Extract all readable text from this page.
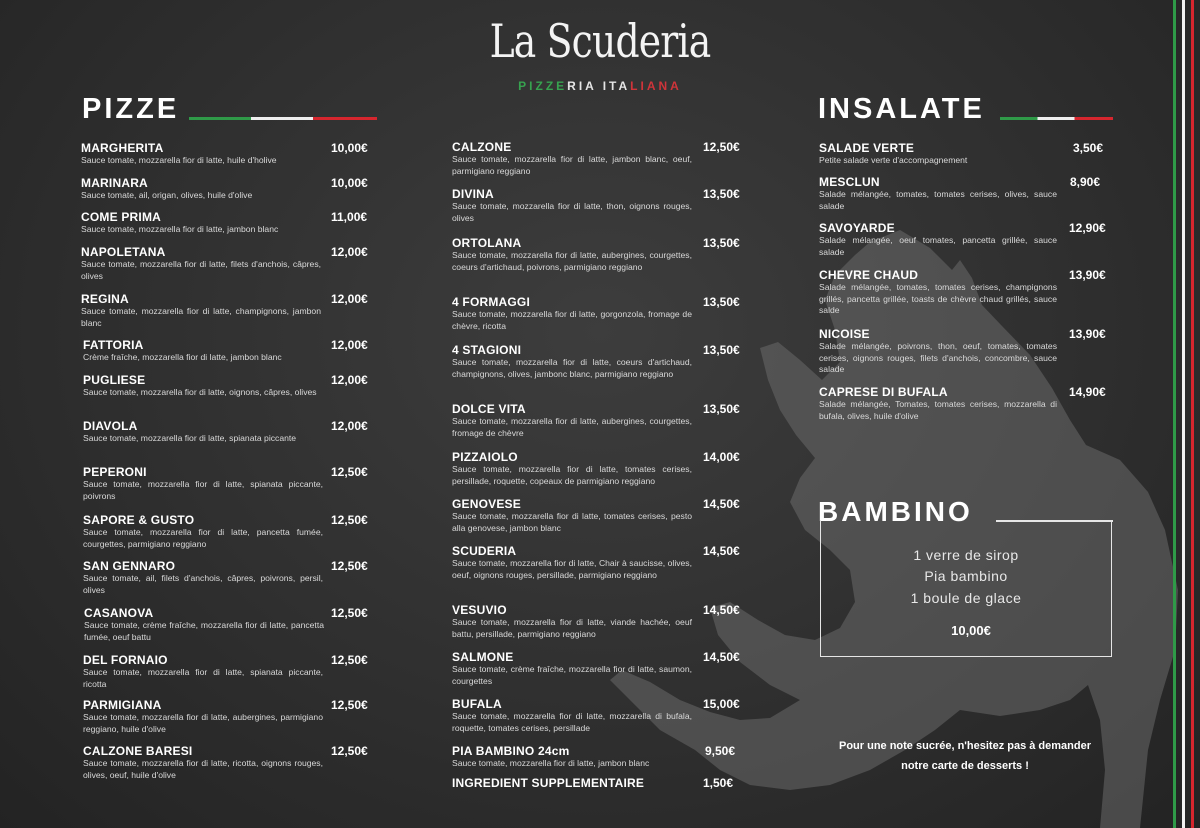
La Scuderia
PIZZERIA ITALIANA
PIZZE	INSALATE
MARGHERITA
Sauce tomate, mozzarella fior di latte, huile d'holive
10,00€
MARINARA
Sauce tomate, ail, origan, olives, huile d'olive
10,00€
COME PRIMA
Sauce tomate, mozzarella fior di latte, jambon blanc
11,00€
NAPOLETANA
Sauce tomate, mozzarella fior di latte, filets d'anchois, câpres, olives
12,00€
REGINA
Sauce tomate, mozzarella fior di latte, champignons, jambon blanc
12,00€
FATTORIA
Crème fraîche, mozzarella fior di latte, jambon blanc
12,00€
PUGLIESE
Sauce tomate, mozzarella fior di latte, oignons, câpres, olives
12,00€
DIAVOLA
Sauce tomate, mozzarella fior di latte, spianata piccante
12,00€
PEPERONI
Sauce tomate, mozzarella fior di latte, spianata piccante, poivrons
12,50€
SAPORE & GUSTO
Sauce tomate, mozzarella fior di latte, pancetta fumée, courgettes, parmigiano reggiano
12,50€
SAN GENNARO
Sauce tomate, ail, filets d'anchois, câpres, poivrons, persil, olives
12,50€
CASANOVA
Sauce tomate, crème fraîche, mozzarella fior di latte, pancetta fumée, oeuf battu
12,50€
DEL FORNAIO
Sauce tomate, mozzarella fior di latte, spianata piccante, ricotta
12,50€
PARMIGIANA
Sauce tomate, mozzarella fior di latte, aubergines, parmigiano reggiano, huile d'olive
12,50€
CALZONE BARESI
Sauce tomate, mozzarella fior di latte, ricotta, oignons rouges, olives, oeuf, huile d'olive
12,50€
CALZONE
Sauce tomate, mozzarella fior di latte, jambon blanc, oeuf, parmigiano reggiano
12,50€
DIVINA
Sauce tomate, mozzarella fior di latte, thon, oignons rouges, olives
13,50€
ORTOLANA
Sauce tomate, mozzarella fior di latte, aubergines, courgettes, coeurs d'artichaud, poivrons, parmigiano reggiano
13,50€
4 FORMAGGI
Sauce tomate, mozzarella fior di latte, gorgonzola, fromage de chèvre, ricotta
13,50€
4 STAGIONI
Sauce tomate, mozzarella fior di latte, coeurs d'artichaud, champignons, olives, jambonc blanc, parmigiano reggiano
13,50€
DOLCE VITA
Sauce tomate, mozzarella fior di latte, aubergines, courgettes, fromage de chèvre
13,50€
PIZZAIOLO
Sauce tomate, mozzarella fior di latte, tomates cerises, persillade, roquette, copeaux de parmigiano reggiano
14,00€
GENOVESE
Sauce tomate, mozzarella fior di latte, tomates cerises, pesto alla genovese, jambon blanc
14,50€
SCUDERIA
Sauce tomate, mozzarella fior di latte, Chair à saucisse, olives, oeuf, oignons rouges, persillade, parmigiano reggiano
14,50€
VESUVIO
Sauce tomate, mozzarella fior di latte, viande hachée, oeuf battu, persillade, parmigiano reggiano
14,50€
SALMONE
Sauce tomate, crème fraîche, mozzarella fior di latte, saumon, courgettes
14,50€
BUFALA
Sauce tomate, mozzarella fior di latte, mozzarella di bufala, roquette, tomates cerises, persillade
15,00€
PIA BAMBINO 24cm
Sauce tomate, mozzarella fior di latte, jambon blanc
9,50€
INGREDIENT SUPPLEMENTAIRE	1,50€
SALADE VERTE
Petite salade verte d'accompagnement
3,50€
MESCLUN
Salade mélangée, tomates, tomates cerises, olives, sauce salade
8,90€
SAVOYARDE
Salade mélangée, oeuf tomates, pancetta grillée, sauce salade
12,90€
CHEVRE CHAUD
Salade mélangée, tomates, tomates cerises, champignons grillés, pancetta grillée, toasts de chèvre chaud grillés, sauce salde
13,90€
NICOISE
Salade mélangée, poivrons, thon, oeuf, tomates, tomates cerises, oignons rouges, filets d'anchois, concombre, sauce salade
13,90€
CAPRESE DI BUFALA
Salade mélangée, Tomates, tomates cerises, mozzarella di bufala, olives, huile d'olive
14,90€
BAMBINO
1 verre de sirop
Pia bambino
1 boule de glace
10,00€
Pour une note sucrée, n'hesitez pas à demander
notre carte de desserts !
